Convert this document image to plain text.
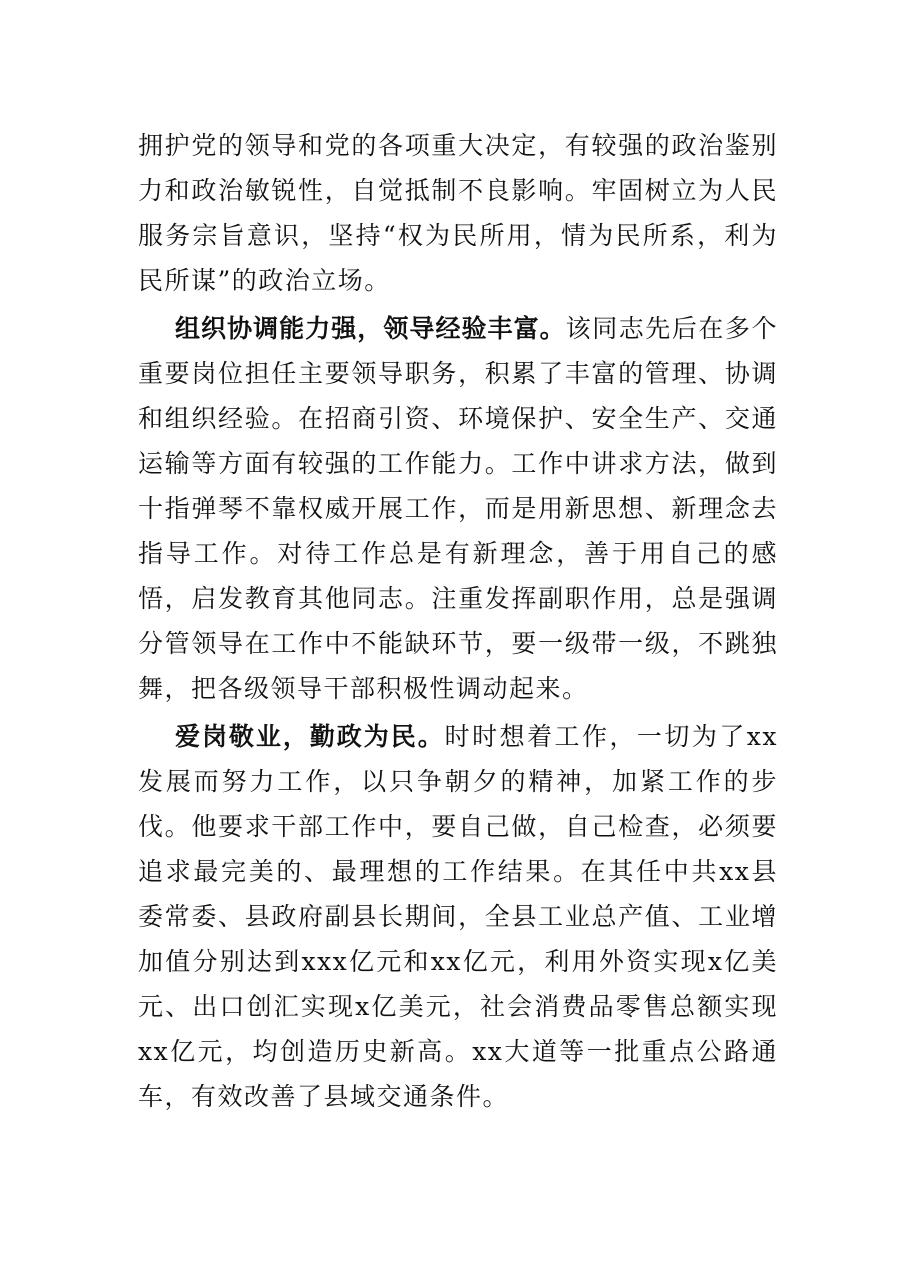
拥护党的领导和党的各项重大决定，有较强的政治鉴别力和政治敏锐性，自觉抵制不良影响。牢固树立为人民服务宗旨意识，坚持“权为民所用，情为民所系，利为民所谋”的政治立场。

组织协调能力强，领导经验丰富。该同志先后在多个重要岗位担任主要领导职务，积累了丰富的管理、协调和组织经验。在招商引资、环境保护、安全生产、交通运输等方面有较强的工作能力。工作中讲求方法，做到十指弹琴不靠权威开展工作，而是用新思想、新理念去指导工作。对待工作总是有新理念，善于用自己的感悟，启发教育其他同志。注重发挥副职作用，总是强调分管领导在工作中不能缺环节，要一级带一级，不跳独舞，把各级领导干部积极性调动起来。

爱岗敬业，勤政为民。时时想着工作，一切为了xx发展而努力工作，以只争朝夕的精神，加紧工作的步伐。他要求干部工作中，要自己做，自己检查，必须要追求最完美的、最理想的工作结果。在其任中共xx县委常委、县政府副县长期间，全县工业总产值、工业增加值分别达到xxx亿元和xx亿元，利用外资实现x亿美元、出口创汇实现x亿美元，社会消费品零售总额实现xx亿元，均创造历史新高。xx大道等一批重点公路通车，有效改善了县域交通条件。
